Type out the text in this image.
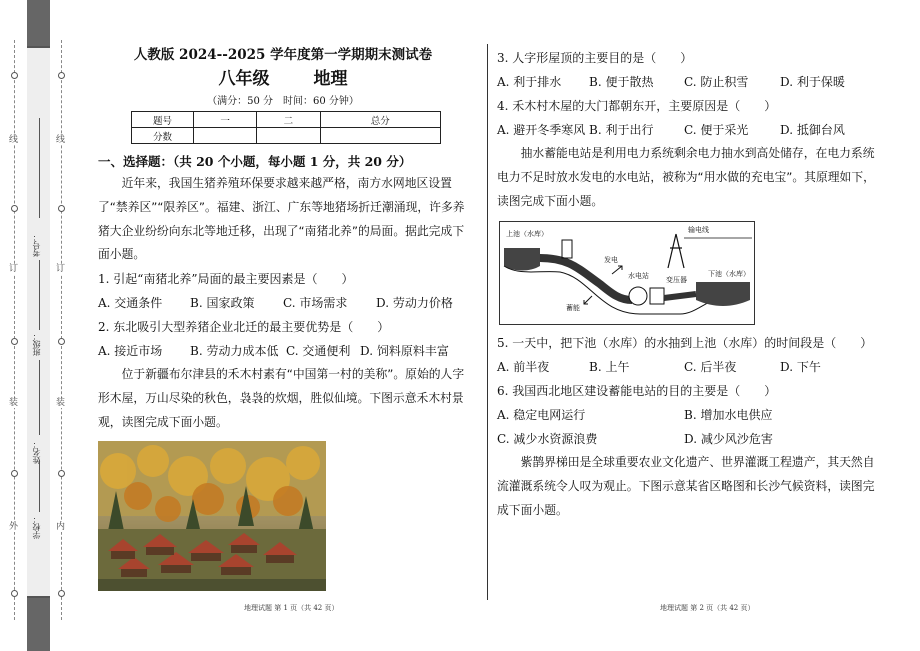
线
订
装
外
线
订
装
内
考号：
班级：
姓名：
学校：
人教版 2024--2025 学年度第一学期期末测试卷
八年级	地理
（满分：50 分　时间：60 分钟）
题号	一	二	总分
分数			
一、选择题：（共 20 个小题，每小题 1 分，共 20 分）
近年来，我国生猪养殖环保要求越来越严格，南方水网地区设置了“禁养区”“限养区”。福建、浙江、广东等地猪场折迁潮涌现，许多养猪大企业纷纷向东北等地迁移，出现了“南猪北养”的局面。据此完成下面小题。
1. 引起“南猪北养”局面的最主要因素是（　　）
A. 交通条件 B. 国家政策 C. 市场需求 D. 劳动力价格
2. 东北吸引大型养猪企业北迁的最主要优势是（　　）
A. 接近市场 B. 劳动力成本低 C. 交通便利 D. 饲料原料丰富
位于新疆布尔津县的禾木村素有“中国第一村的美称”。原始的人字形木屋，万山尽染的秋色，袅袅的炊烟，胜似仙境。下图示意禾木村景观，读图完成下面小题。
3. 人字形屋顶的主要目的是（　　）
A. 利于排水 B. 便于散热	C. 防止积雪	D. 利于保暖
4. 禾木村木屋的大门都朝东开，主要原因是（　　）
A. 避开冬季寒风 B. 利于出行	C. 便于采光	D. 抵御台风
抽水蓄能电站是利用电力系统剩余电力抽水到高处储存，在电力系统电力不足时放水发电的水电站，被称为“用水做的充电宝”。其原理如下，读图完成下面小题。
上池（水库）	输电线
水电站
发电
蓄能
变压器
下池（水库）
5. 一天中，把下池（水库）的水抽到上池（水库）的时间段是（　　）
A. 前半夜	B. 上午	C. 后半夜	D. 下午
6. 我国西北地区建设蓄能电站的目的主要是（　　）
A. 稳定电网运行	B. 增加水电供应
C. 减少水资源浪费	D. 减少风沙危害
紫鹊界梯田是全球重要农业文化遗产、世界灌溉工程遗产，其天然自流灌溉系统令人叹为观止。下图示意某省区略图和长沙气候资料，读图完成下面小题。
地理试题 第 1 页（共 42 页）	地理试题 第 2 页（共 42 页）
